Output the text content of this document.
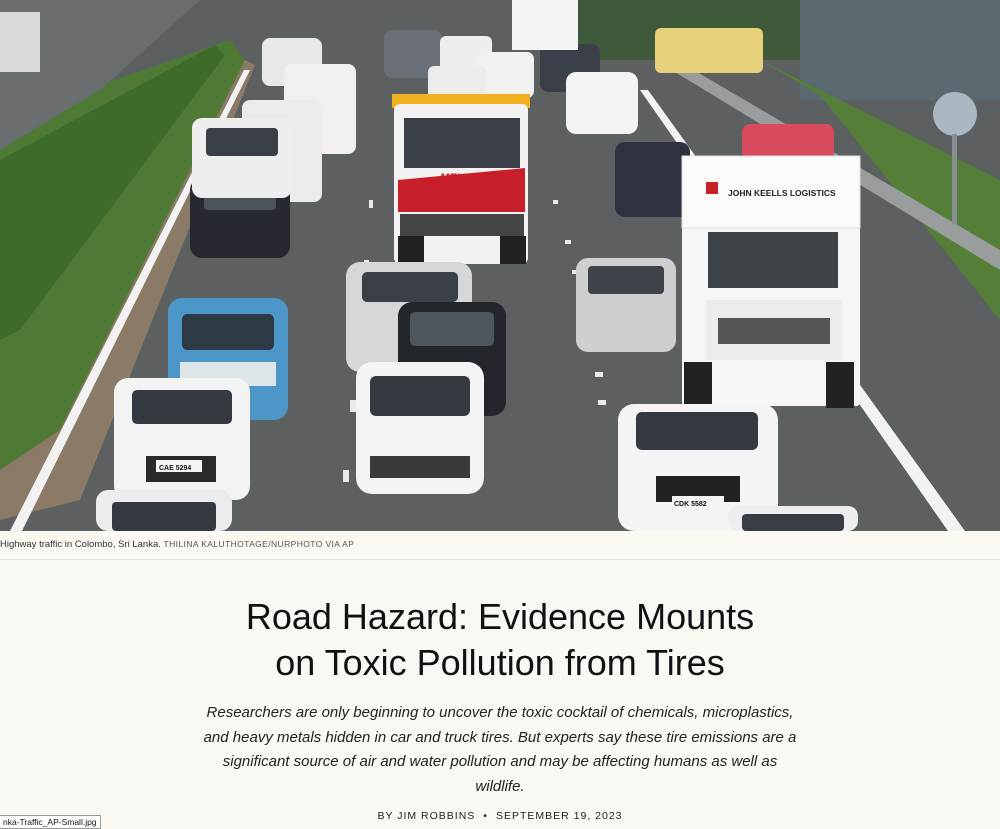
MELWA
JOHN KEELLS LOGISTICS
CAE 5294
CDK 5582
Highway traffic in Colombo, Sri Lanka. THILINA KALUTHOTAGE/NURPHOTO VIA AP
Road Hazard: Evidence Mounts
on Toxic Pollution from Tires

Researchers are only beginning to uncover the toxic cocktail of chemicals, microplastics, and heavy metals hidden in car and truck tires. But experts say these tire emissions are a significant source of air and water pollution and may be affecting humans as well as wildlife.

BY JIM ROBBINS • SEPTEMBER 19, 2023
nka-Traffic_AP-Small.jpg
